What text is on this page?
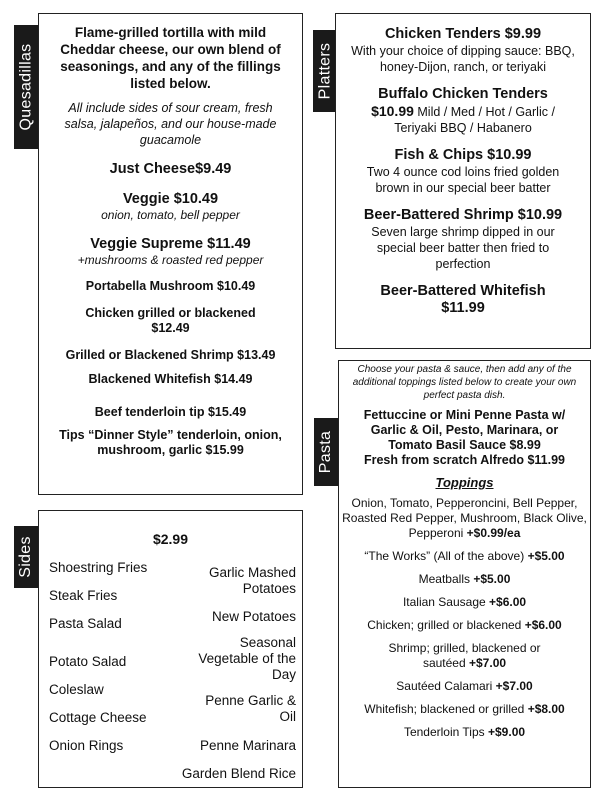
Quesadillas
Flame-grilled tortilla with mild Cheddar cheese, our own blend of seasonings, and any of the fillings listed below.
All include sides of sour cream, fresh salsa, jalapeños, and our house-made guacamole
Just Cheese$9.49
Veggie $10.49
onion, tomato, bell pepper
Veggie Supreme $11.49
+mushrooms & roasted red pepper
Portabella Mushroom $10.49
Chicken grilled or blackened $12.49
Grilled or Blackened Shrimp $13.49
Blackened Whitefish $14.49
Beef tenderloin tip $15.49
Tips “Dinner Style” tenderloin, onion, mushroom, garlic $15.99
Platters
Chicken Tenders $9.99
With your choice of dipping sauce: BBQ, honey-Dijon, ranch, or teriyaki
Buffalo Chicken Tenders
$10.99 Mild / Med / Hot / Garlic / Teriyaki BBQ / Habanero
Fish & Chips $10.99
Two 4 ounce cod loins fried golden brown in our special beer batter
Beer-Battered Shrimp $10.99
Seven large shrimp dipped in our special beer batter then fried to perfection
Beer-Battered Whitefish $11.99
Pasta
Choose your pasta & sauce, then add any of the additional toppings listed below to create your own perfect pasta dish.
Fettuccine or Mini Penne Pasta w/ Garlic & Oil, Pesto, Marinara, or Tomato Basil Sauce $8.99
Fresh from scratch Alfredo $11.99
Toppings
Onion, Tomato, Pepperoncini, Bell Pepper, Roasted Red Pepper, Mushroom, Black Olive, Pepperoni +$0.99/ea
“The Works” (All of the above) +$5.00
Meatballs +$5.00
Italian Sausage +$6.00
Chicken; grilled or blackened +$6.00
Shrimp; grilled, blackened or sautéed +$7.00
Sautéed Calamari +$7.00
Whitefish; blackened or grilled +$8.00
Tenderloin Tips +$9.00
Sides	$2.99
Shoestring Fries
Steak Fries
Pasta Salad
Potato Salad
Coleslaw
Cottage Cheese
Onion Rings
Garlic Mashed Potatoes
New Potatoes
Seasonal Vegetable of the Day
Penne Garlic & Oil
Penne Marinara
Garden Blend Rice
